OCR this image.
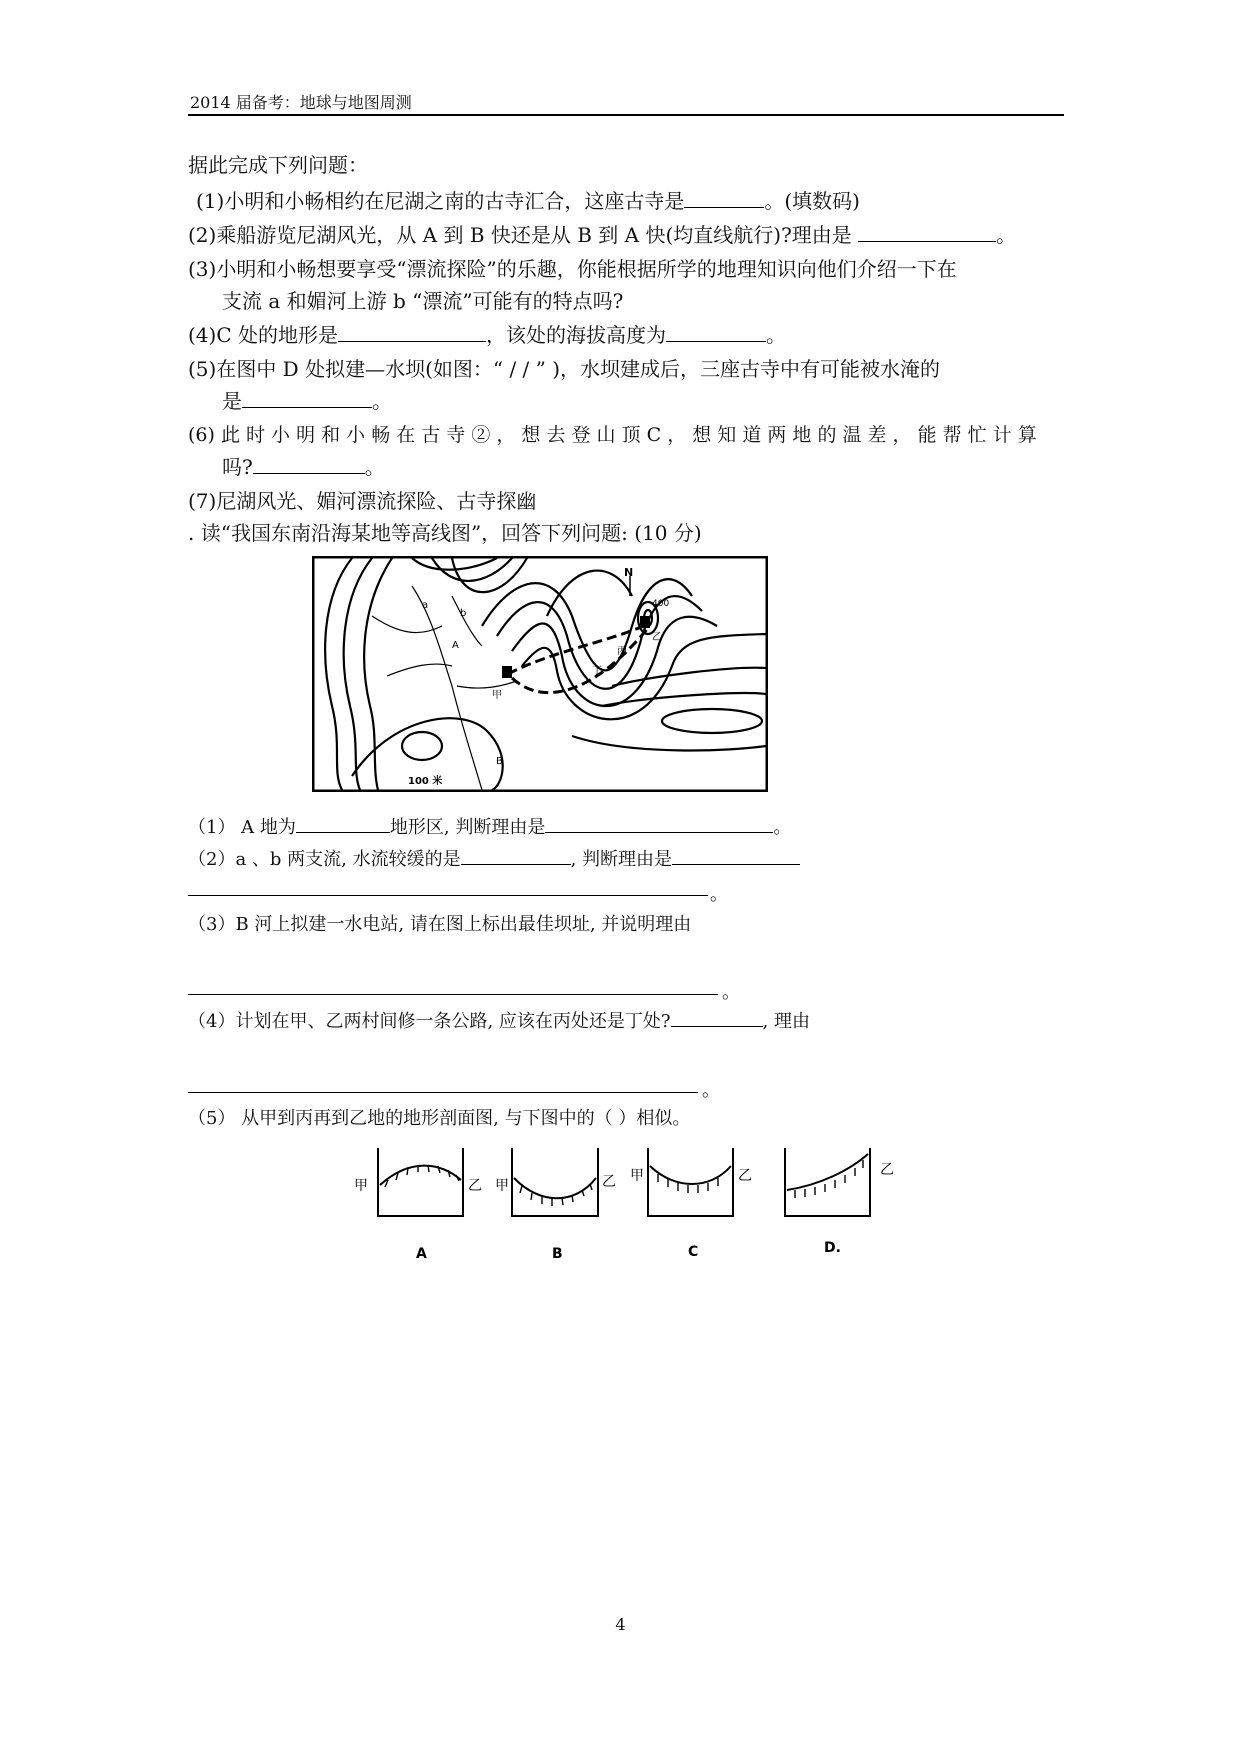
2014 届备考：地球与地图周测
据此完成下列问题：
(1)小明和小畅相约在尼湖之南的古寺汇合，这座古寺是	。(填数码)
(2)乘船游览尼湖风光，从 A 到 B 快还是从 B 到 A 快(均直线航行)?理由是	。
(3)小明和小畅想要享受“漂流探险”的乐趣，你能根据所学的地理知识向他们介绍一下在
支流 a 和媚河上游 b “漂流”可能有的特点吗?
(4)C 处的地形是	，该处的海拔高度为	。
(5)在图中 D 处拟建—水坝(如图：“ / / ” )，水坝建成后，三座古寺中有可能被水淹的
是	。
(6) 此 时 小 明 和 小 畅 在 古 寺 ② ， 想 去 登 山 顶 C ， 想 知 道 两 地 的 温 差 ， 能 帮 忙 计 算
吗?	。
(7)尼湖风光、媚河漂流探险、古寺探幽
. 读“我国东南沿海某地等高线图”，回答下列问题: (10 分)
N
a
b
A
B
400
甲
乙
丙
丁
100 米
（1） A 地为	地形区, 判断理由是	。
（2）a 、b 两支流, 水流较缓的是	, 判断理由是
。
（3）B 河上拟建一水电站, 请在图上标出最佳坝址, 并说明理由
。
（4）计划在甲、乙两村间修一条公路, 应该在丙处还是丁处?	, 理由
。
（5） 从甲到丙再到乙地的地形剖面图, 与下图中的（ ）相似。
甲	乙 甲	乙 甲	乙	乙
A	B	C	D.
4
